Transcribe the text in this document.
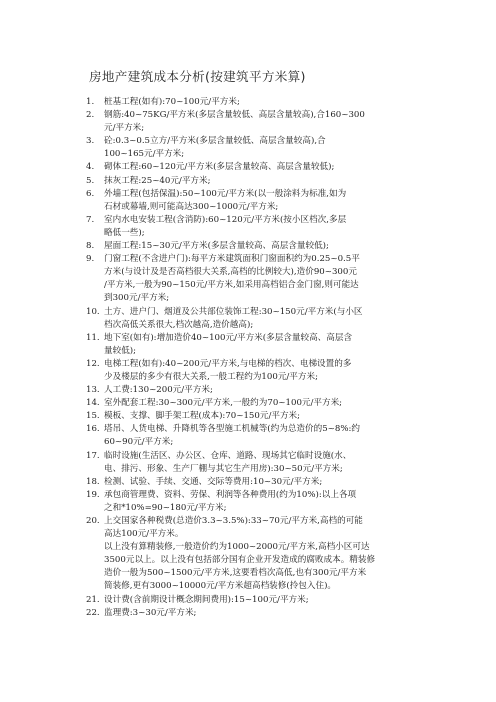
房地产建筑成本分析(按建筑平方米算)
1. 桩基工程(如有):70~100元/平方米;
2. 钢筋:40~75KG/平方米(多层含量较低、高层含量较高),合160~300
元/平方米;
3. 砼:0.3~0.5立方/平方米(多层含量较低、高层含量较高),合
100~165元/平方米;
4. 砌体工程:60~120元/平方米(多层含量较高、高层含量较低);
5. 抹灰工程:25~40元/平方米;
6. 外墙工程(包括保温):50~100元/平方米(以一般涂料为标准,如为
石材或幕墙,则可能高达300~1000元/平方米;
7. 室内水电安装工程(含消防):60~120元/平方米(按小区档次,多层
略低一些);
8. 屋面工程:15~30元/平方米(多层含量较高、高层含量较低);
9. 门窗工程(不含进户门):每平方米建筑面积门窗面积约为0.25~0.5平
方米(与设计及是否高档很大关系,高档的比例较大),造价90~300元
/平方米,一般为90~150元/平方米,如采用高档铝合金门窗,则可能达
到300元/平方米;
10. 土方、进户门、烟道及公共部位装饰工程:30~150元/平方米(与小区
档次高低关系很大,档次越高,造价越高);
11. 地下室(如有):增加造价40~100元/平方米(多层含量较高、高层含
量较低);
12. 电梯工程(如有):40~200元/平方米,与电梯的档次、电梯设置的多
少及楼层的多少有很大关系,一般工程约为100元/平方米;
13. 人工费:130~200元/平方米;
14. 室外配套工程:30~300元/平方米,一般约为70~100元/平方米;
15. 模板、支撑、脚手架工程(成本):70~150元/平方米;
16. 塔吊、人货电梯、升降机等各型施工机械等(约为总造价的5~8%:约
60~90元/平方米;
17. 临时设施(生活区、办公区、仓库、道路、现场其它临时设施(水、
电、排污、形象、生产厂棚与其它生产用房):30~50元/平方米;
18. 检测、试验、手续、交通、交际等费用:10~30元/平方米;
19. 承包商管理费、资料、劳保、利润等各种费用(约为10%):以上各项
之和*10%=90~180元/平方米;
20. 上交国家各种税费(总造价3.3~3.5%):33~70元/平方米,高档的可能
高达100元/平方米。
以上没有算精装修,一般造价约为1000~2000元/平方米,高档小区可达
3500元以上。以上没有包括部分国有企业开发造成的腐败成本。精装修
造价一般为500~1500元/平方米,这要看档次高低,也有300元/平方米
简装修,更有3000~10000元/平方米超高档装修(拎包入住)。
21. 设计费(含前期设计概念期间费用):15~100元/平方米;
22. 监理费:3~30元/平方米;
